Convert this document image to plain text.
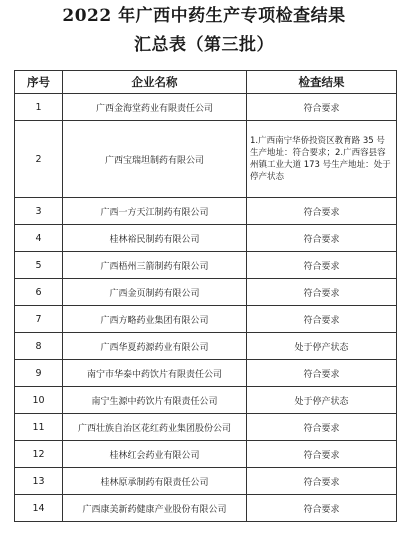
2022 年广西中药生产专项检查结果
汇总表（第三批）
序号	企业名称	检查结果
1	广西金海堂药业有限责任公司	符合要求
2	广西宝瑞坦制药有限公司	1.广西南宁华侨投资区教育路 35 号生产地址：符合要求；2.广西容县容州镇工业大道 173 号生产地址：处于停产状态
3	广西一方天江制药有限公司	符合要求
4	桂林裕民制药有限公司	符合要求
5	广西梧州三箭制药有限公司	符合要求
6	广西金页制药有限公司	符合要求
7	广西方略药业集团有限公司	符合要求
8	广西华夏药源药业有限公司	处于停产状态
9	南宁市华泰中药饮片有限责任公司	符合要求
10	南宁生源中药饮片有限责任公司	处于停产状态
11	广西壮族自治区花红药业集团股份公司	符合要求
12	桂林红会药业有限公司	符合要求
13	桂林原承制药有限责任公司	符合要求
14	广西康美新药健康产业股份有限公司	符合要求
